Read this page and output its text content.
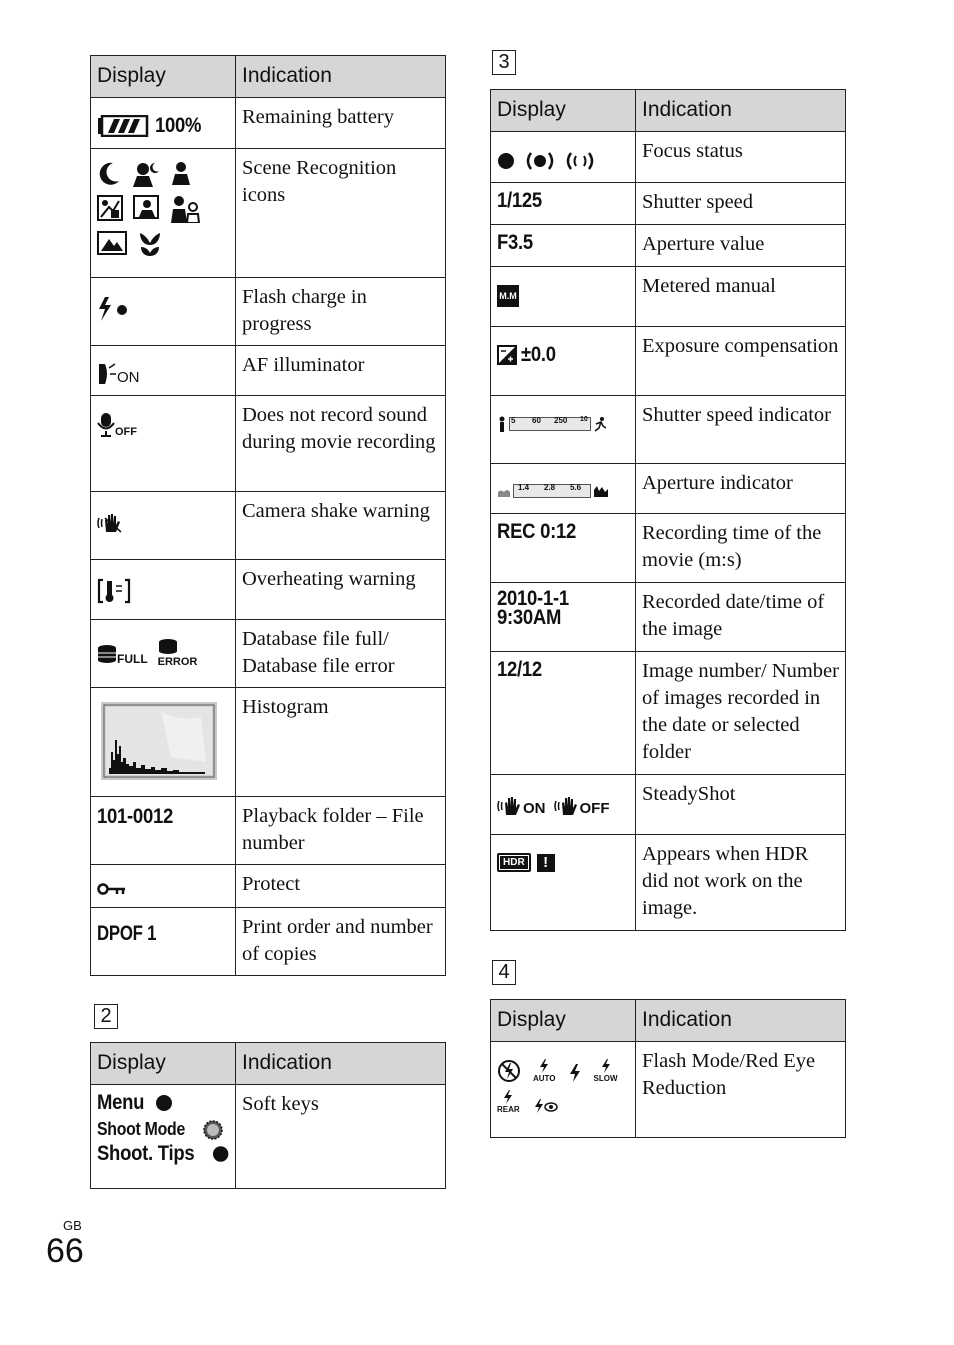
Display	Indication

100%	Remaining battery

	Scene Recognition icons

	Flash charge in progress

ON	AF illuminator

OFF	Does not record sound during movie recording

	Camera shake warning

	Overheating warning

FULL ERROR	Database file full/ Database file error

	Histogram
101-0012	Playback folder – File number

	Protect
DPOF 1	Print order and number of copies
2
Display	Indication

Menu
Shoot Mode
Shoot. Tips	Soft keys
3
Display	Indication

	Focus status
1/125	Shutter speed
F3.5	Aperture value

M.M	Metered manual

±0.0	Exposure compensation

5 60 250 10	Shutter speed indicator

1.4 2.8 5.6	Aperture indicator
REC 0:12	Recording time of the movie (m:s)

2010-1-1
9:30AM	Recorded date/time of the image
12/12	Image number/ Number of images recorded in the date or selected folder

ON OFF	SteadyShot

HDR !	Appears when HDR did not work on the image.
4
Display	Indication

AUTO SLOW
REAR	Flash Mode/Red Eye Reduction
GB
66
